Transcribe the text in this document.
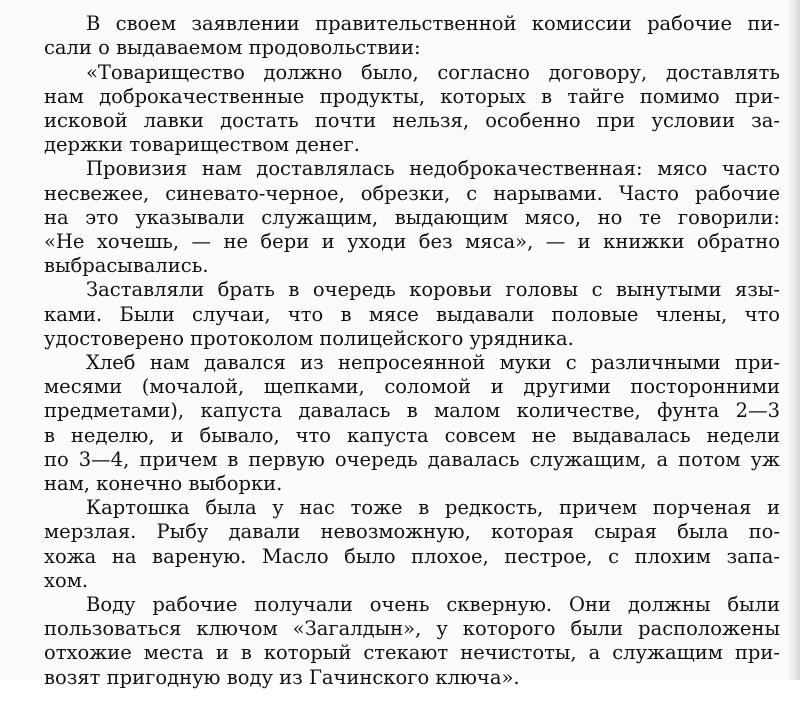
В своем заявлении правительственной комиссии рабочие пи-
сали о выдаваемом продовольствии:
«Товарищество должно было, согласно договору, доставлять
нам доброкачественные продукты, которых в тайге помимо при-
исковой лавки достать почти нельзя, особенно при условии за-
держки товариществом денег.
Провизия нам доставлялась недоброкачественная: мясо часто
несвежее, синевато-черное, обрезки, с нарывами. Часто рабочие
на это указывали служащим, выдающим мясо, но те говорили:
«Не хочешь, — не бери и уходи без мяса», — и книжки обратно
выбрасывались.
Заставляли брать в очередь коровьи головы с вынутыми язы-
ками. Были случаи, что в мясе выдавали половые члены, что
удостоверено протоколом полицейского урядника.
Хлеб нам давался из непросеянной муки с различными при-
месями (мочалой, щепками, соломой и другими посторонними
предметами), капуста давалась в малом количестве, фунта 2—3
в неделю, и бывало, что капуста совсем не выдавалась недели
по 3—4, причем в первую очередь давалась служащим, а потом уж
нам, конечно выборки.
Картошка была у нас тоже в редкость, причем порченая и
мерзлая. Рыбу давали невозможную, которая сырая была по-
хожа на вареную. Масло было плохое, пестрое, с плохим запа-
хом.
Воду рабочие получали очень скверную. Они должны были
пользоваться ключом «Загалдын», у которого были расположены
отхожие места и в который стекают нечистоты, а служащим при-
возят пригодную воду из Гачинского ключа».
